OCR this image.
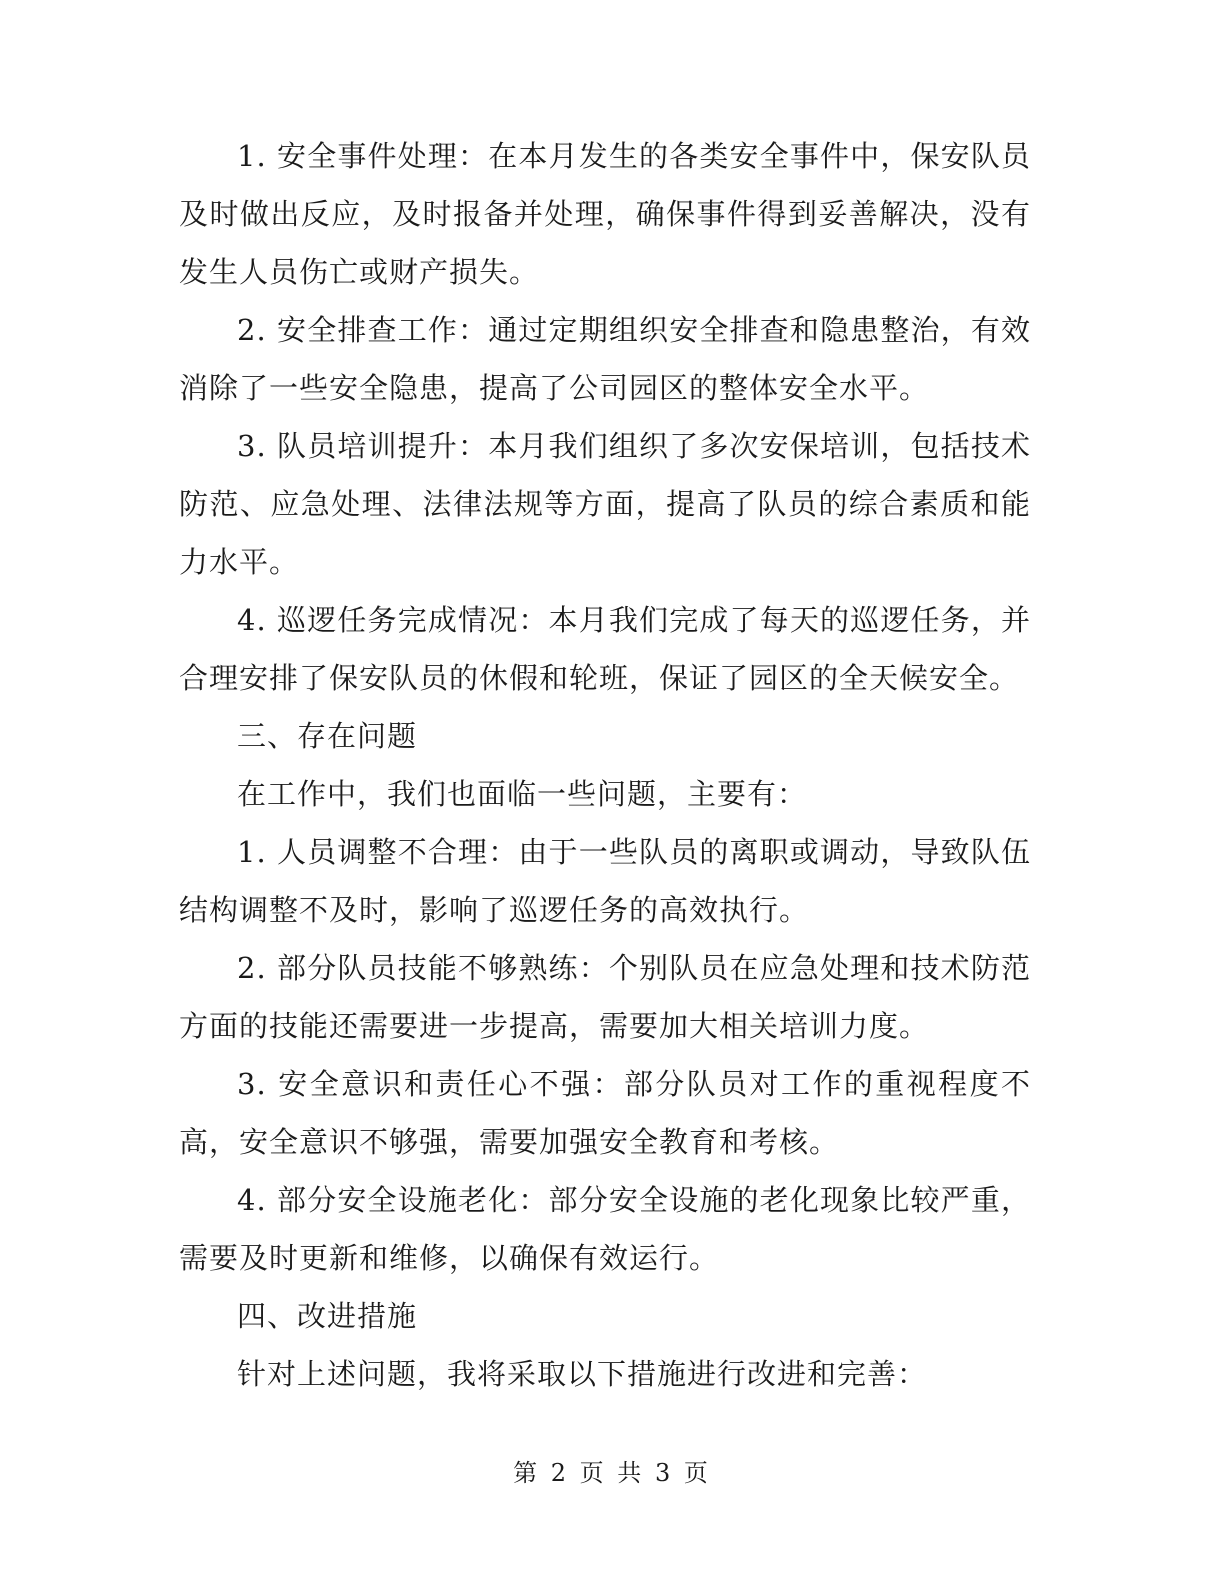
1. 安全事件处理：在本月发生的各类安全事件中，保安队员及时做出反应，及时报备并处理，确保事件得到妥善解决，没有发生人员伤亡或财产损失。

2. 安全排查工作：通过定期组织安全排查和隐患整治，有效消除了一些安全隐患，提高了公司园区的整体安全水平。

3. 队员培训提升：本月我们组织了多次安保培训，包括技术防范、应急处理、法律法规等方面，提高了队员的综合素质和能力水平。

4. 巡逻任务完成情况：本月我们完成了每天的巡逻任务，并合理安排了保安队员的休假和轮班，保证了园区的全天候安全。

三、存在问题

在工作中，我们也面临一些问题，主要有：

1. 人员调整不合理：由于一些队员的离职或调动，导致队伍结构调整不及时，影响了巡逻任务的高效执行。

2. 部分队员技能不够熟练：个别队员在应急处理和技术防范方面的技能还需要进一步提高，需要加大相关培训力度。

3. 安全意识和责任心不强：部分队员对工作的重视程度不高，安全意识不够强，需要加强安全教育和考核。

4. 部分安全设施老化：部分安全设施的老化现象比较严重，需要及时更新和维修，以确保有效运行。

四、改进措施

针对上述问题，我将采取以下措施进行改进和完善：

第 2 页 共 3 页
